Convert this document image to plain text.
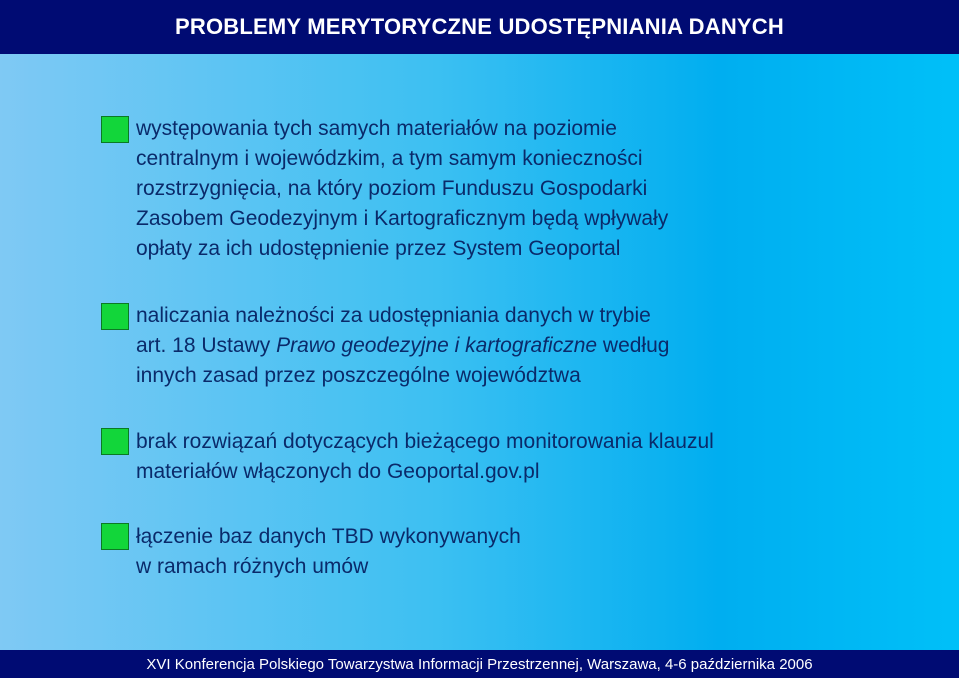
PROBLEMY MERYTORYCZNE UDOSTĘPNIANIA DANYCH
występowania tych samych materiałów na poziomie
centralnym i wojewódzkim, a tym samym konieczności
rozstrzygnięcia, na który poziom Funduszu Gospodarki
Zasobem Geodezyjnym i Kartograficznym będą wpływały
opłaty za ich udostępnienie przez System Geoportal
naliczania należności za udostępniania danych w trybie
art. 18 Ustawy Prawo geodezyjne i kartograficzne według
innych zasad przez poszczególne województwa
brak rozwiązań dotyczących bieżącego monitorowania klauzul
materiałów włączonych do Geoportal.gov.pl
łączenie baz danych TBD wykonywanych
w ramach różnych umów
XVI Konferencja Polskiego Towarzystwa Informacji Przestrzennej, Warszawa, 4-6 października 2006
